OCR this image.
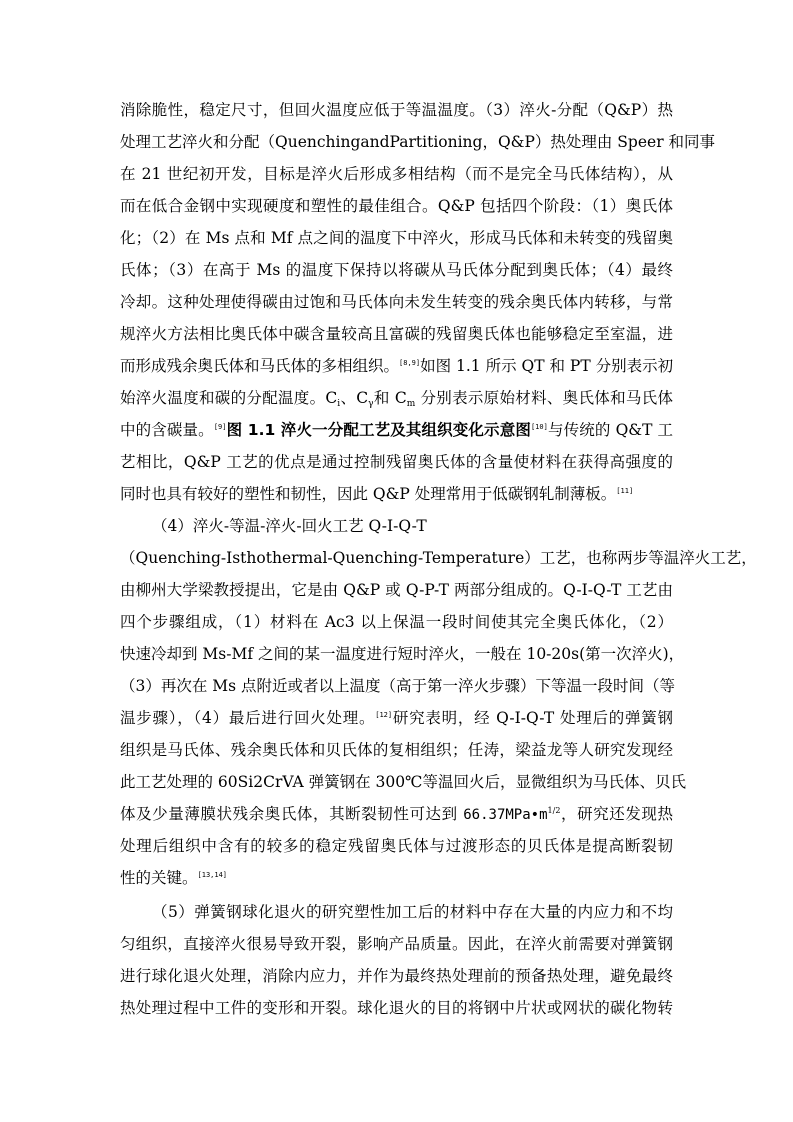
消除脆性，稳定尺寸，但回火温度应低于等温温度。（3）淬火-分配（Q&P）热
处理工艺淬火和分配（QuenchingandPartitioning，Q&P）热处理由 Speer 和同事
在 21 世纪初开发，目标是淬火后形成多相结构（而不是完全马氏体结构），从
而在低合金钢中实现硬度和塑性的最佳组合。Q&P 包括四个阶段：（1）奥氏体
化；（2）在 Ms 点和 Mf 点之间的温度下中淬火，形成马氏体和未转变的残留奥
氏体；（3）在高于 Ms 的温度下保持以将碳从马氏体分配到奥氏体；（4）最终
冷却。这种处理使得碳由过饱和马氏体向未发生转变的残余奥氏体内转移，与常
规淬火方法相比奥氏体中碳含量较高且富碳的残留奥氏体也能够稳定至室温，进
而形成残余奥氏体和马氏体的多相组织。[8,9]如图 1.1 所示 QT 和 PT 分别表示初
始淬火温度和碳的分配温度。$C_i$、$C_\gamma$和 $C_m$ 分别表示原始材料、奥氏体和马氏体
中的含碳量。[9]图 1.1 淬火一分配工艺及其组织变化示意图[10]与传统的 Q&T 工
艺相比，Q&P 工艺的优点是通过控制残留奥氏体的含量使材料在获得高强度的
同时也具有较好的塑性和韧性，因此 Q&P 处理常用于低碳钢轧制薄板。[11]
（4）淬火-等温-淬火-回火工艺 Q-I-Q-T
（Quenching-Isthothermal-Quenching-Temperature）工艺，也称两步等温淬火工艺，
由柳州大学梁教授提出，它是由 Q&P 或 Q-P-T 两部分组成的。Q-I-Q-T 工艺由
四个步骤组成，（1）材料在 Ac3 以上保温一段时间使其完全奥氏体化，（2）
快速冷却到 Ms-Mf 之间的某一温度进行短时淬火，一般在 10-20s(第一次淬火)，
（3）再次在 Ms 点附近或者以上温度（高于第一淬火步骤）下等温一段时间（等
温步骤），（4）最后进行回火处理。[12]研究表明，经 Q-I-Q-T 处理后的弹簧钢
组织是马氏体、残余奥氏体和贝氏体的复相组织；任涛，梁益龙等人研究发现经
此工艺处理的 60Si2CrVA 弹簧钢在 300℃等温回火后，显微组织为马氏体、贝氏
体及少量薄膜状残余奥氏体，其断裂韧性可达到 $66.37MPa•m^{1/2}$，研究还发现热
处理后组织中含有的较多的稳定残留奥氏体与过渡形态的贝氏体是提高断裂韧
性的关键。[13,14]
（5）弹簧钢球化退火的研究塑性加工后的材料中存在大量的内应力和不均
匀组织，直接淬火很易导致开裂，影响产品质量。因此，在淬火前需要对弹簧钢
进行球化退火处理，消除内应力，并作为最终热处理前的预备热处理，避免最终
热处理过程中工件的变形和开裂。球化退火的目的将钢中片状或网状的碳化物转
